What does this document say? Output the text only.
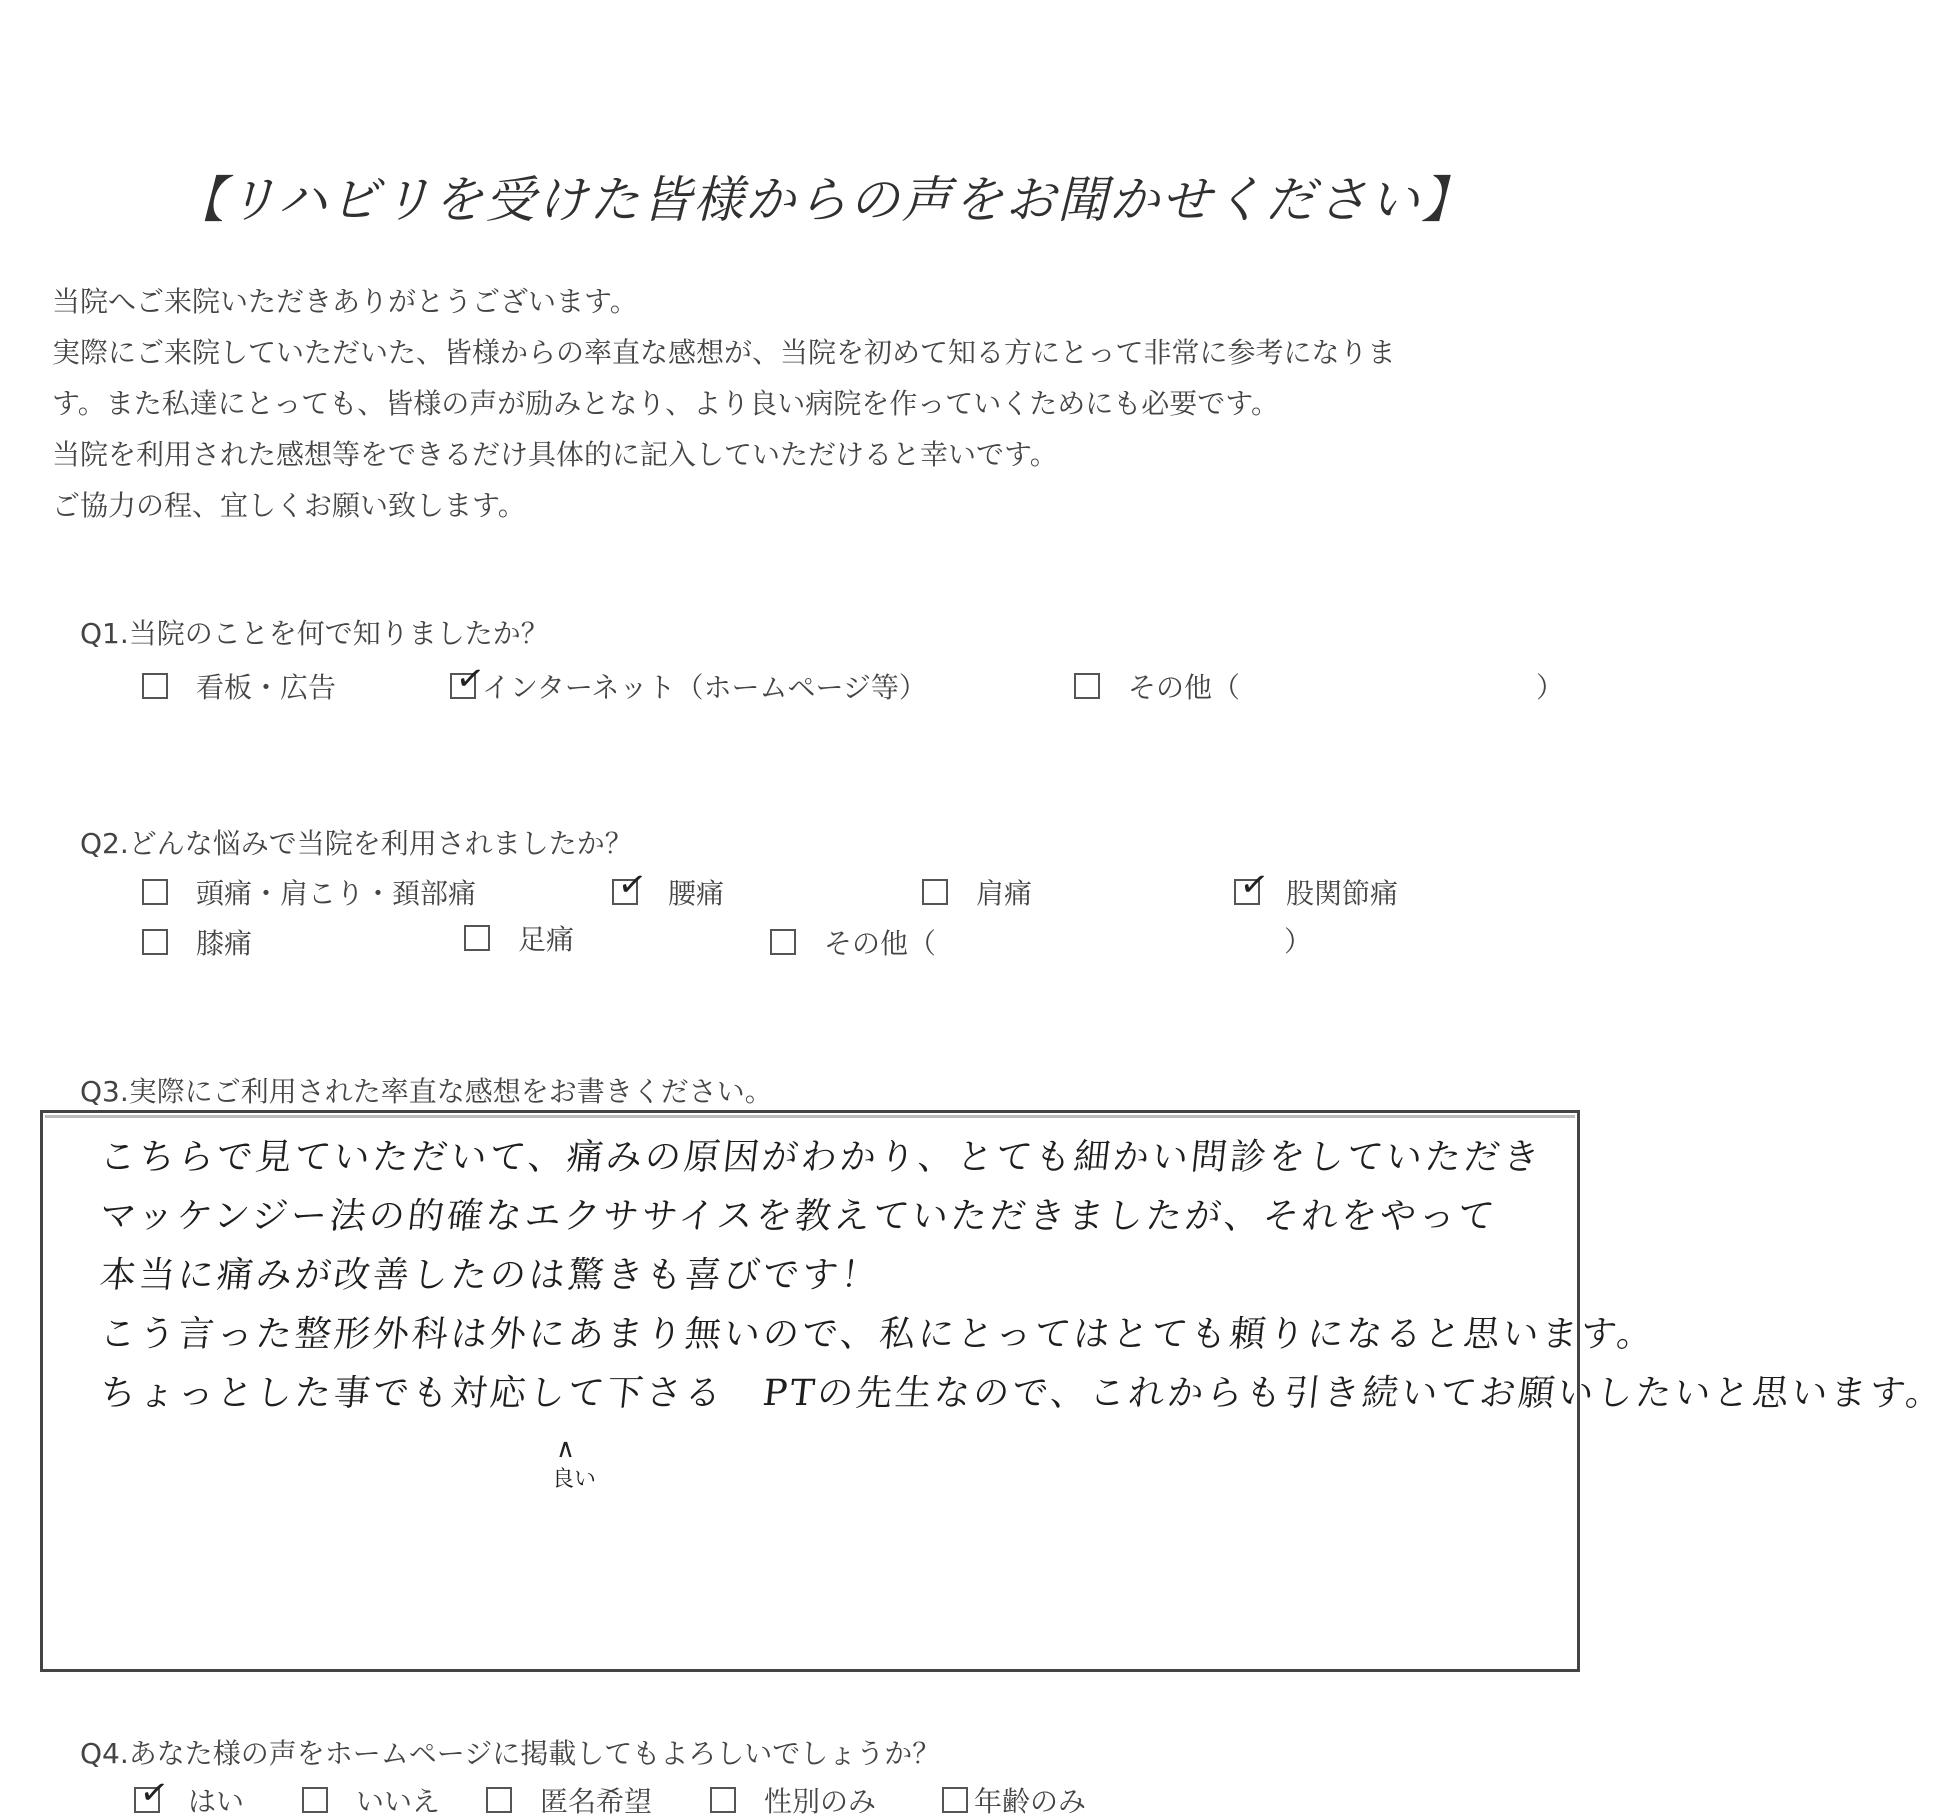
【リハビリを受けた皆様からの声をお聞かせください】
当院へご来院いただきありがとうございます。
実際にご来院していただいた、皆様からの率直な感想が、当院を初めて知る方にとって非常に参考になりま
す。また私達にとっても、皆様の声が励みとなり、より良い病院を作っていくためにも必要です。
当院を利用された感想等をできるだけ具体的に記入していただけると幸いです。
ご協力の程、宜しくお願い致します。
Q1.当院のことを何で知りましたか？
看板・広告	✓
インターネット（ホームページ等）	その他（	）
Q2.どんな悩みで当院を利用されましたか？
頭痛・肩こり・頚部痛	✓ 腰痛	肩痛	✓ 股関節痛
膝痛	足痛	その他（	）
Q3.実際にご利用された率直な感想をお書きください。
こちらで見ていただいて、痛みの原因がわかり、とても細かい問診をしていただき
マッケンジー法の的確なエクササイスを教えていただきましたが、それをやって
本当に痛みが改善したのは驚きも喜びです！
こう言った整形外科は外にあまり無いので、私にとってはとても頼りになると思います。
ちょっとした事でも対応して下さる　PTの先生なので、これからも引き続いてお願いしたいと思います。
∧
良い
Q4.あなた様の声をホームページに掲載してもよろしいでしょうか？
✓ はい	いいえ	匿名希望	性別のみ	年齢のみ
